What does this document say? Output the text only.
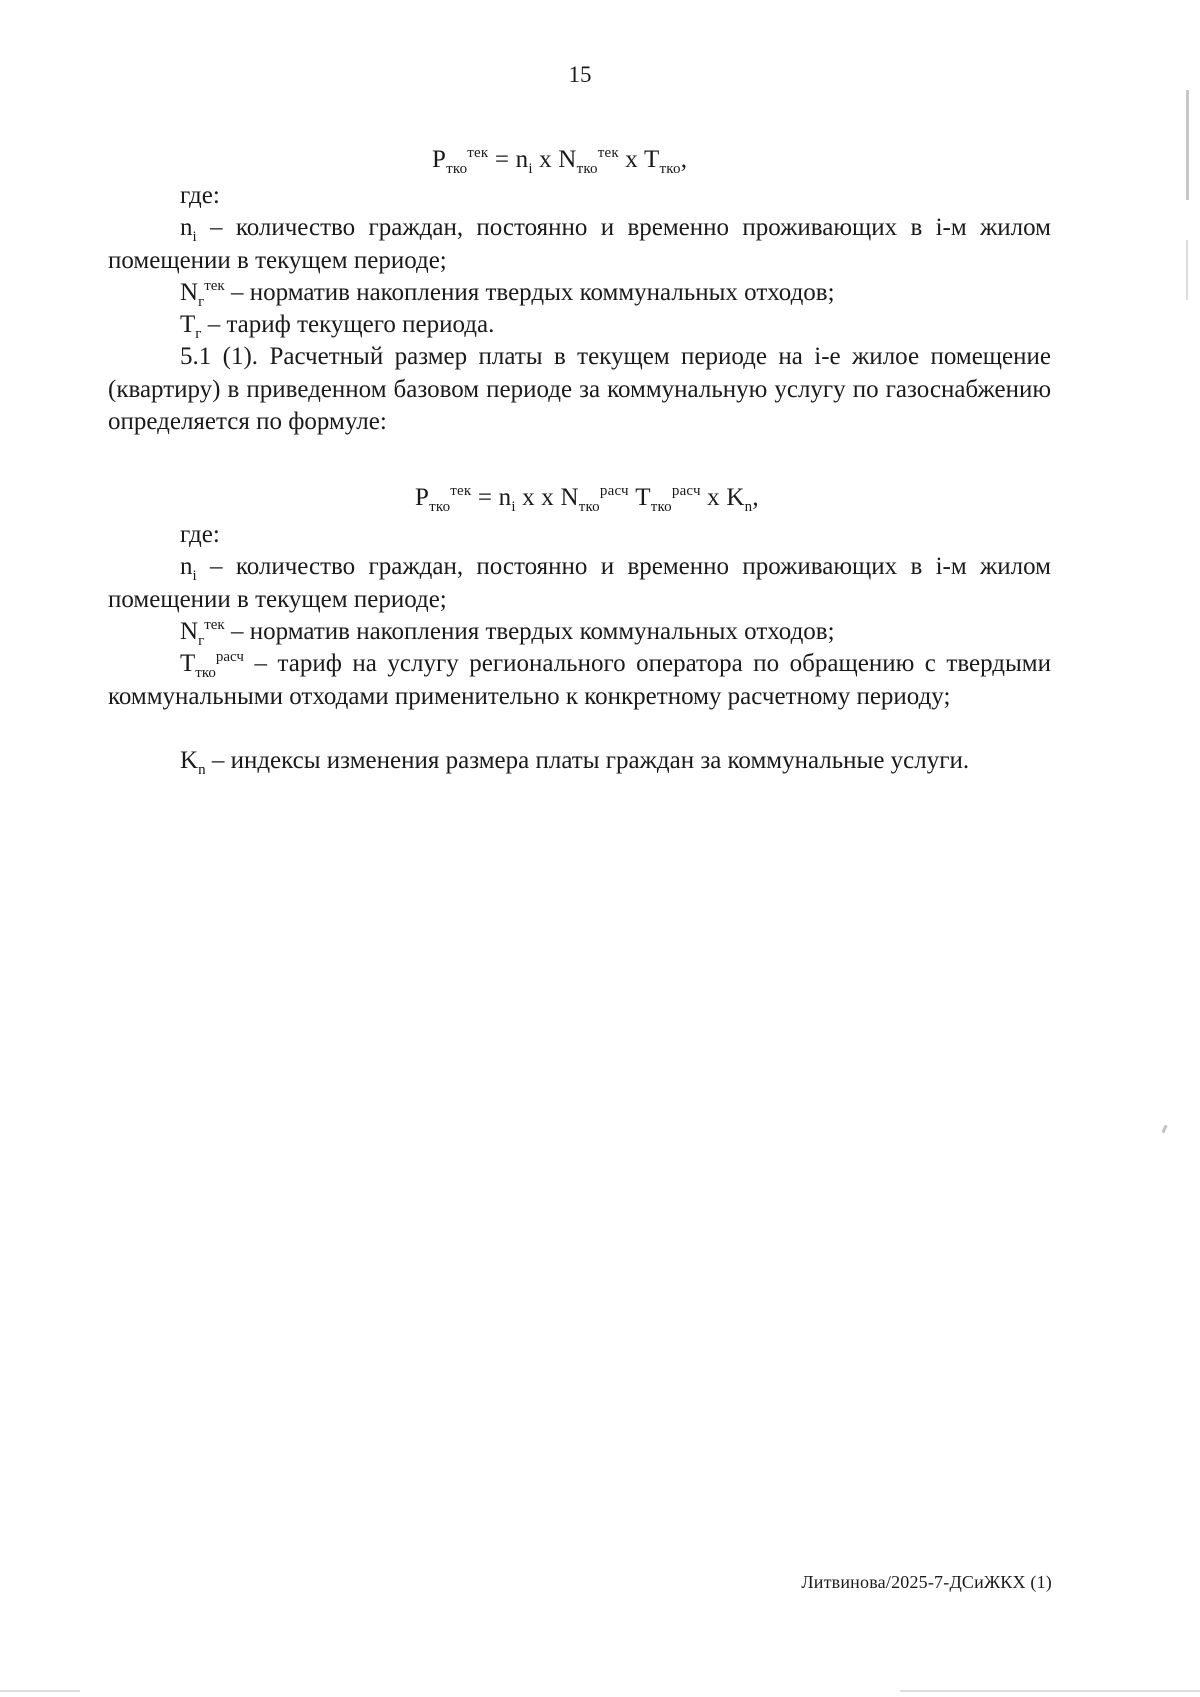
15
$P_{тко}^{тек} = n_i$ x $N_{тко}^{тек}$ x $T_{тко}$,
где:
$n_i$ – количество граждан, постоянно и временно проживающих в i-м жилом помещении в текущем периоде;
$N_г^{тек}$ – норматив накопления твердых коммунальных отходов;
$T_г$ – тариф текущего периода.
5.1 (1). Расчетный размер платы в текущем периоде на i-е жилое помещение (квартиру) в приведенном базовом периоде за коммунальную услугу по газоснабжению определяется по формуле:
$P_{тко}^{тек} = n_i$ x x $N_{тко}^{расч}$ $T_{тко}^{расч}$ x $K_n$,
где:
$n_i$ – количество граждан, постоянно и временно проживающих в i-м жилом помещении в текущем периоде;
$N_г^{тек}$ – норматив накопления твердых коммунальных отходов;
$T_{тко}^{расч}$ – тариф на услугу регионального оператора по обращению с твердыми коммунальными отходами применительно к конкретному расчетному периоду;
$K_n$ – индексы изменения размера платы граждан за коммунальные услуги.
Литвинова/2025-7-ДСиЖКХ (1)
